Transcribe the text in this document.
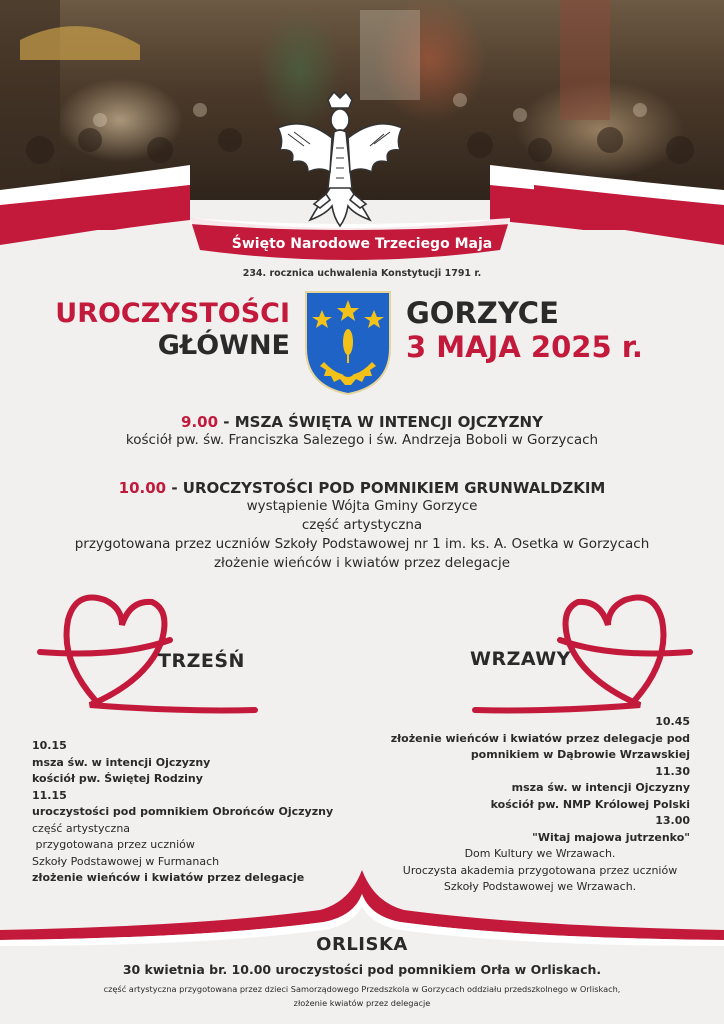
Święto Narodowe Trzeciego Maja
234. rocznica uchwalenia Konstytucji 1791 r.
UROCZYSTOŚCI
GŁÓWNE
GORZYCE
3 MAJA 2025 r.
9.00 - MSZA ŚWIĘTA W INTENCJI OJCZYZNY
kościół pw. św. Franciszka Salezego i św. Andrzeja Boboli w Gorzycach
10.00 - UROCZYSTOŚCI POD POMNIKIEM GRUNWALDZKIM
wystąpienie Wójta Gminy Gorzyce
część artystyczna
przygotowana przez uczniów Szkoły Podstawowej nr 1 im. ks. A. Osetka w Gorzycach
złożenie wieńców i kwiatów przez delegacje
TRZEŚŃ	WRZAWY
10.15
msza św. w intencji Ojczyzny
kościół pw. Świętej Rodziny
11.15
uroczystości pod pomnikiem Obrońców Ojczyzny
część artystyczna
przygotowana przez uczniów
Szkoły Podstawowej w Furmanach
złożenie wieńców i kwiatów przez delegacje
10.45
złożenie wieńców i kwiatów przez delegacje pod
pomnikiem w Dąbrowie Wrzawskiej
11.30
msza św. w intencji Ojczyzny
kościół pw. NMP Królowej Polski
13.00
"Witaj majowa jutrzenko"
Dom Kultury we Wrzawach.
Uroczysta akademia przygotowana przez uczniów
Szkoły Podstawowej we Wrzawach.
ORLISKA
30 kwietnia br. 10.00 uroczystości pod pomnikiem Orła w Orliskach.
część artystyczna przygotowana przez dzieci Samorządowego Przedszkola w Gorzycach oddziału przedszkolnego w Orliskach,
złożenie kwiatów przez delegacje
